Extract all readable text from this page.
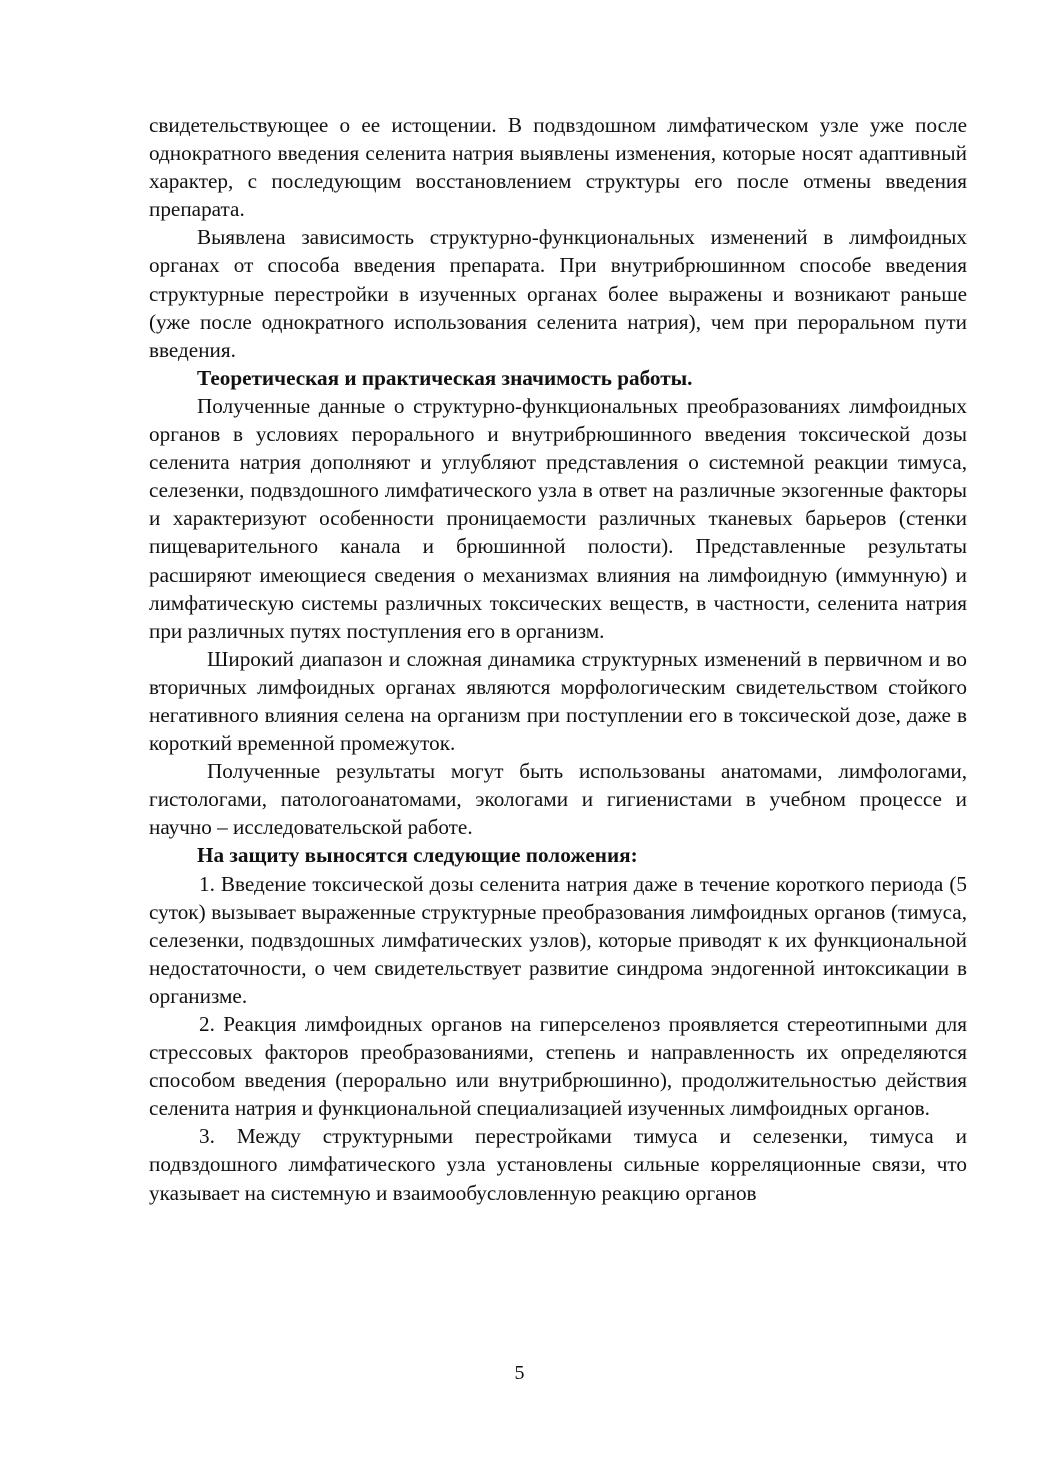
свидетельствующее о ее истощении. В подвздошном лимфатическом узле уже после однократного введения селенита натрия выявлены изменения, которые носят адаптивный характер, с последующим восстановлением структуры его после отмены введения препарата.

Выявлена зависимость структурно-функциональных изменений в лимфоидных органах от способа введения препарата. При внутрибрюшинном способе введения структурные перестройки в изученных органах более выражены и возникают раньше (уже после однократного использования селенита натрия), чем при пероральном пути введения.

Теоретическая и практическая значимость работы.

Полученные данные о структурно-функциональных преобразованиях лимфоидных органов в условиях перорального и внутрибрюшинного введения токсической дозы селенита натрия дополняют и углубляют представления о системной реакции тимуса, селезенки, подвздошного лимфатического узла в ответ на различные экзогенные факторы и характеризуют особенности проницаемости различных тканевых барьеров (стенки пищеварительного канала и брюшинной полости). Представленные результаты расширяют имеющиеся сведения о механизмах влияния на лимфоидную (иммунную) и лимфатическую системы различных токсических веществ, в частности, селенита натрия при различных путях поступления его в организм.

Широкий диапазон и сложная динамика структурных изменений в первичном и во вторичных лимфоидных органах являются морфологическим свидетельством стойкого негативного влияния селена на организм при поступлении его в токсической дозе, даже в короткий временной промежуток.

Полученные результаты могут быть использованы анатомами, лимфологами, гистологами, патологоанатомами, экологами и гигиенистами в учебном процессе и научно – исследовательской работе.

На защиту выносятся следующие положения:

1. Введение токсической дозы селенита натрия даже в течение короткого периода (5 суток) вызывает выраженные структурные преобразования лимфоидных органов (тимуса, селезенки, подвздошных лимфатических узлов), которые приводят к их функциональной недостаточности, о чем свидетельствует развитие синдрома эндогенной интоксикации в организме.

2. Реакция лимфоидных органов на гиперселеноз проявляется стереотипными для стрессовых факторов преобразованиями, степень и направленность их определяются способом введения (перорально или внутрибрюшинно), продолжительностью действия селенита натрия и функциональной специализацией изученных лимфоидных органов.

3. Между структурными перестройками тимуса и селезенки, тимуса и подвздошного лимфатического узла установлены сильные корреляционные связи, что указывает на системную и взаимообусловленную реакцию органов

5
